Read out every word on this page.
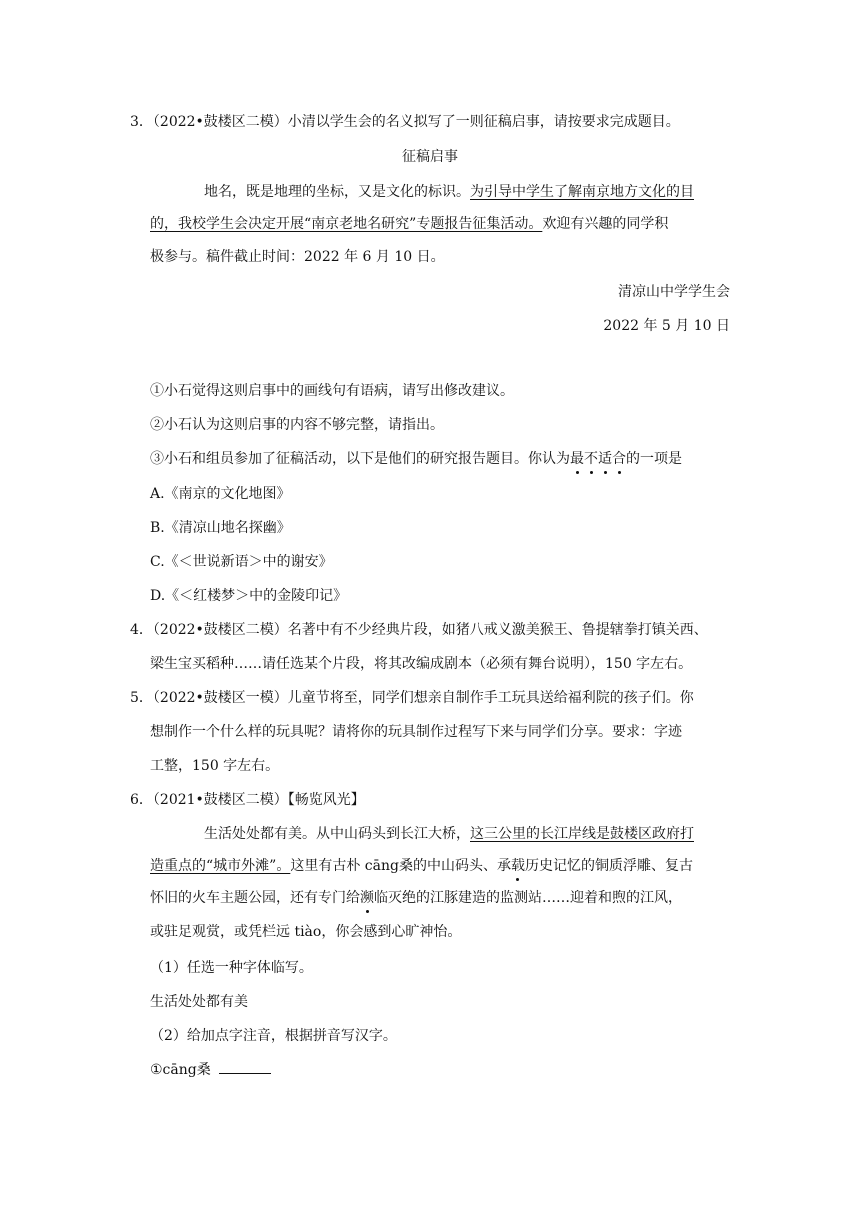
3．（2022•鼓楼区二模）小清以学生会的名义拟写了一则征稿启事，请按要求完成题目。
征稿启事
地名，既是地理的坐标，又是文化的标识。为引导中学生了解南京地方文化的目
的，我校学生会决定开展“南京老地名研究”专题报告征集活动。欢迎有兴趣的同学积
极参与。稿件截止时间：2022 年 6 月 10 日。
清凉山中学学生会
2022 年 5 月 10 日
①小石觉得这则启事中的画线句有语病，请写出修改建议。
②小石认为这则启事的内容不够完整，请指出。
③小石和组员参加了征稿活动，以下是他们的研究报告题目。你认为最不适合的一项是
A.《南京的文化地图》
B.《清凉山地名探幽》
C.《＜世说新语＞中的谢安》
D.《＜红楼梦＞中的金陵印记》
4．（2022•鼓楼区二模）名著中有不少经典片段，如猪八戒义激美猴王、鲁提辖拳打镇关西、
梁生宝买稻种……请任选某个片段，将其改编成剧本（必须有舞台说明），150 字左右。
5．（2022•鼓楼区一模）儿童节将至，同学们想亲自制作手工玩具送给福利院的孩子们。你
想制作一个什么样的玩具呢？请将你的玩具制作过程写下来与同学们分享。要求：字迹
工整，150 字左右。
6．（2021•鼓楼区二模）【畅览风光】
生活处处都有美。从中山码头到长江大桥，这三公里的长江岸线是鼓楼区政府打
造重点的“城市外滩”。这里有古朴 cāng桑的中山码头、承载历史记忆的铜质浮雕、复古
怀旧的火车主题公园，还有专门给濒临灭绝的江豚建造的监测站……迎着和煦的江风，
或驻足观赏，或凭栏远 tiào，你会感到心旷神怡。
（1）任选一种字体临写。
生活处处都有美
（2）给加点字注音，根据拼音写汉字。
①cāng桑
